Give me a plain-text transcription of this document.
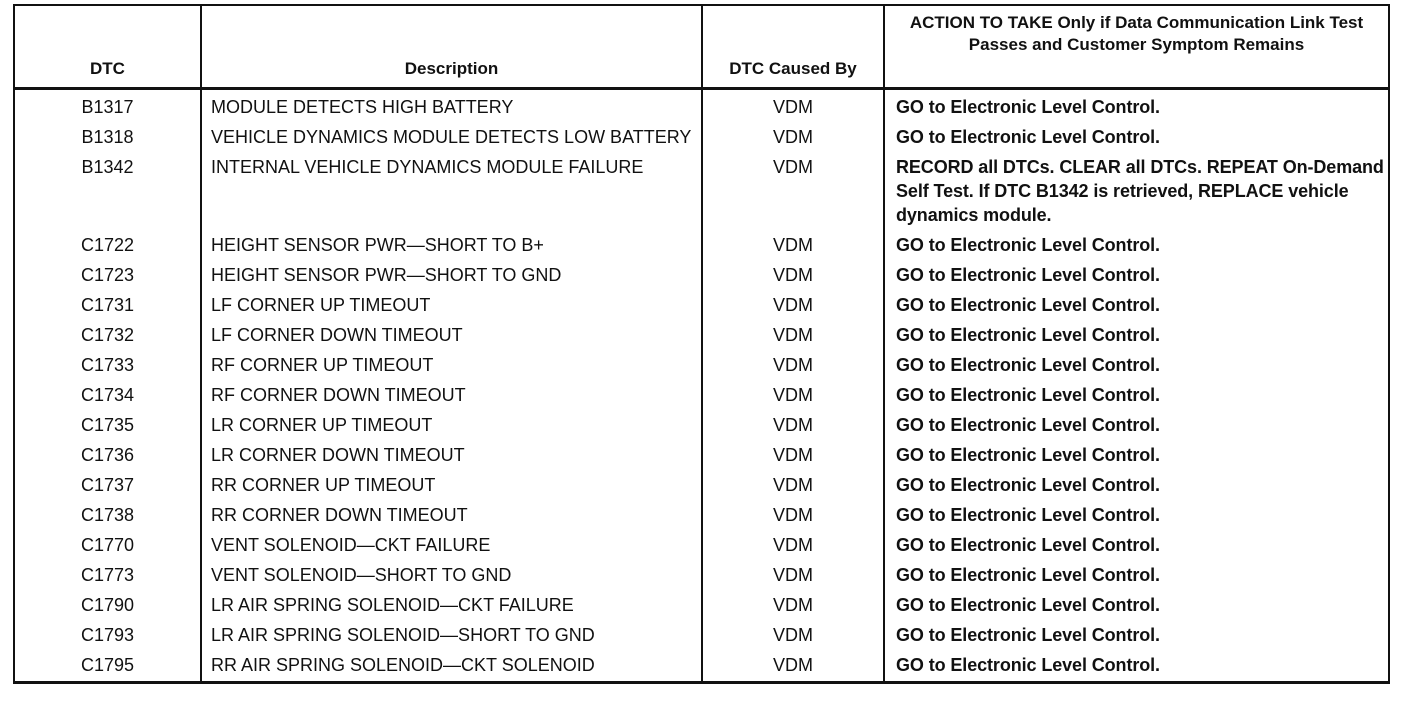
DTC	Description	DTC Caused By	ACTION TO TAKE Only if Data Communication Link Test Passes and Customer Symptom Remains
B1317	MODULE DETECTS HIGH BATTERY	VDM	GO to Electronic Level Control.
B1318	VEHICLE DYNAMICS MODULE DETECTS LOW BATTERY	VDM	GO to Electronic Level Control.
B1342	INTERNAL VEHICLE DYNAMICS MODULE FAILURE	VDM	RECORD all DTCs. CLEAR all DTCs. REPEAT On-Demand Self Test. If DTC B1342 is retrieved, REPLACE vehicle dynamics module.
C1722	HEIGHT SENSOR PWR—SHORT TO B+	VDM	GO to Electronic Level Control.
C1723	HEIGHT SENSOR PWR—SHORT TO GND	VDM	GO to Electronic Level Control.
C1731	LF CORNER UP TIMEOUT	VDM	GO to Electronic Level Control.
C1732	LF CORNER DOWN TIMEOUT	VDM	GO to Electronic Level Control.
C1733	RF CORNER UP TIMEOUT	VDM	GO to Electronic Level Control.
C1734	RF CORNER DOWN TIMEOUT	VDM	GO to Electronic Level Control.
C1735	LR CORNER UP TIMEOUT	VDM	GO to Electronic Level Control.
C1736	LR CORNER DOWN TIMEOUT	VDM	GO to Electronic Level Control.
C1737	RR CORNER UP TIMEOUT	VDM	GO to Electronic Level Control.
C1738	RR CORNER DOWN TIMEOUT	VDM	GO to Electronic Level Control.
C1770	VENT SOLENOID—CKT FAILURE	VDM	GO to Electronic Level Control.
C1773	VENT SOLENOID—SHORT TO GND	VDM	GO to Electronic Level Control.
C1790	LR AIR SPRING SOLENOID—CKT FAILURE	VDM	GO to Electronic Level Control.
C1793	LR AIR SPRING SOLENOID—SHORT TO GND	VDM	GO to Electronic Level Control.
C1795	RR AIR SPRING SOLENOID—CKT SOLENOID	VDM	GO to Electronic Level Control.
